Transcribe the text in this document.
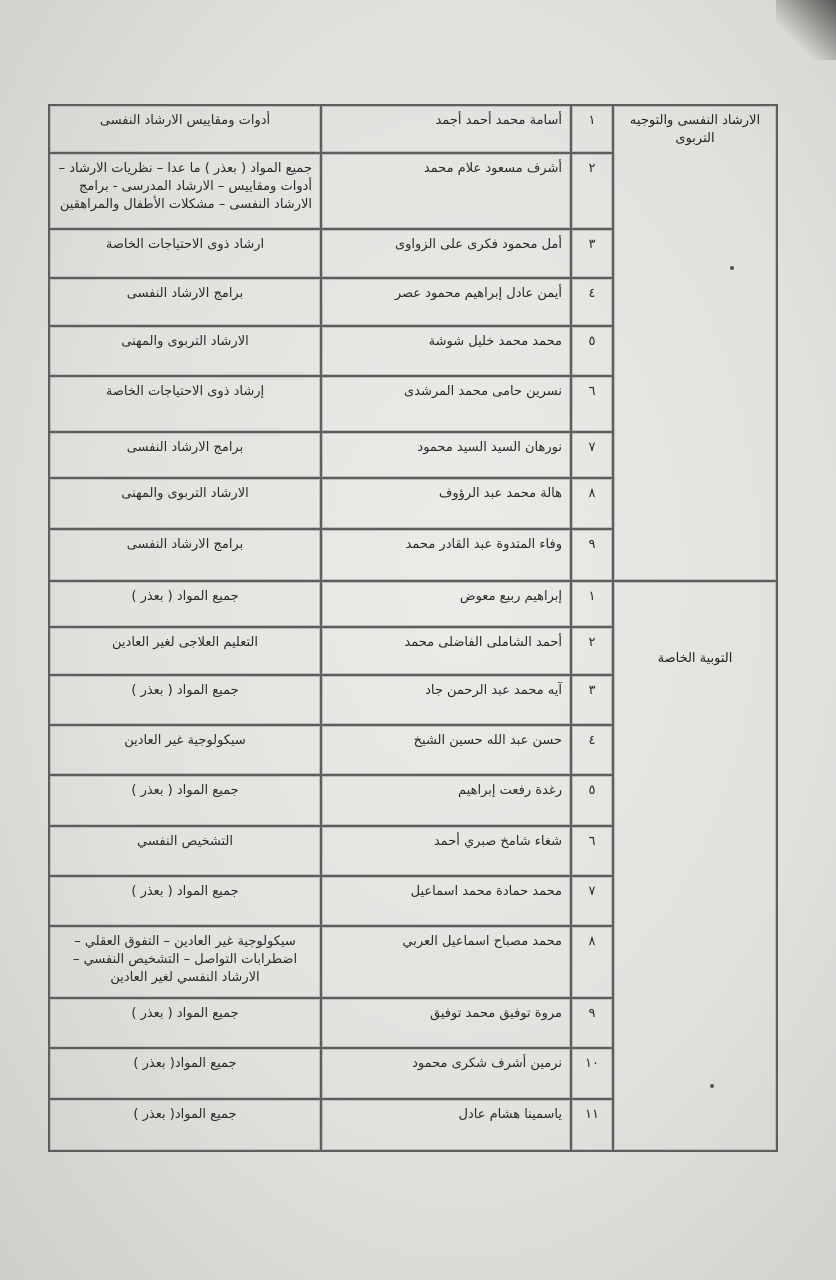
الارشاد النفسى والتوجيه التربوى	١	أسامة محمد أحمد أجمد	أدوات ومقاييس الارشاد النفسى
	٢	أشرف مسعود علام محمد	جميع المواد ( بعذر ) ما عدا – نظريات الارشاد – أدوات ومقاييس – الارشاد المدرسى - برامج الارشاد النفسى – مشكلات الأطفال والمراهقين
	٣	أمل محمود فكرى على الزواوى	ارشاد ذوى الاحتياجات الخاصة
	٤	أيمن عادل إبراهيم محمود عصر	برامج الارشاد النفسى
	٥	محمد محمد خليل شوشة	الارشاد التربوى والمهنى
	٦	نسرين حامى محمد المرشدى	إرشاد ذوى الاحتياجات الخاصة
	٧	نورهان السيد السيد محمود	برامج الارشاد النفسى
	٨	هالة محمد عبد الرؤوف	الارشاد التربوى والمهنى
	٩	وفاء المتدوة عبد القادر محمد	برامج الارشاد النفسى
التوبية الخاصة	١	إبراهيم ربيع معوض	جميع المواد ( بعذر )
	٢	أحمد الشاملى الفاضلى محمد	التعليم العلاجى لغير العادين
	٣	آيه محمد عبد الرحمن جاد	جميع المواد ( بعذر )
	٤	حسن عبد الله حسين الشيخ	سيكولوجية غير العادين
	٥	رغدة رفعت إبراهيم	جميع المواد ( بعذر )
	٦	شغاء شامخ صبري أحمد	التشخيص النفسي
	٧	محمد حمادة محمد اسماعيل	جميع المواد ( بعذر )
	٨	محمد مصباح اسماعيل العربي	سيكولوجية غير العادين – التفوق العقلي – اضطرابات التواصل – التشخيص النفسي – الارشاد النفسي لغير العادين
	٩	مروة توفيق محمد توفيق	جميع المواد ( بعذر )
	١٠	نرمين أشرف شكرى محمود	جميع المواد( بعذر )
	١١	ياسمينا هشام عادل	جميع المواد( بعذر )
